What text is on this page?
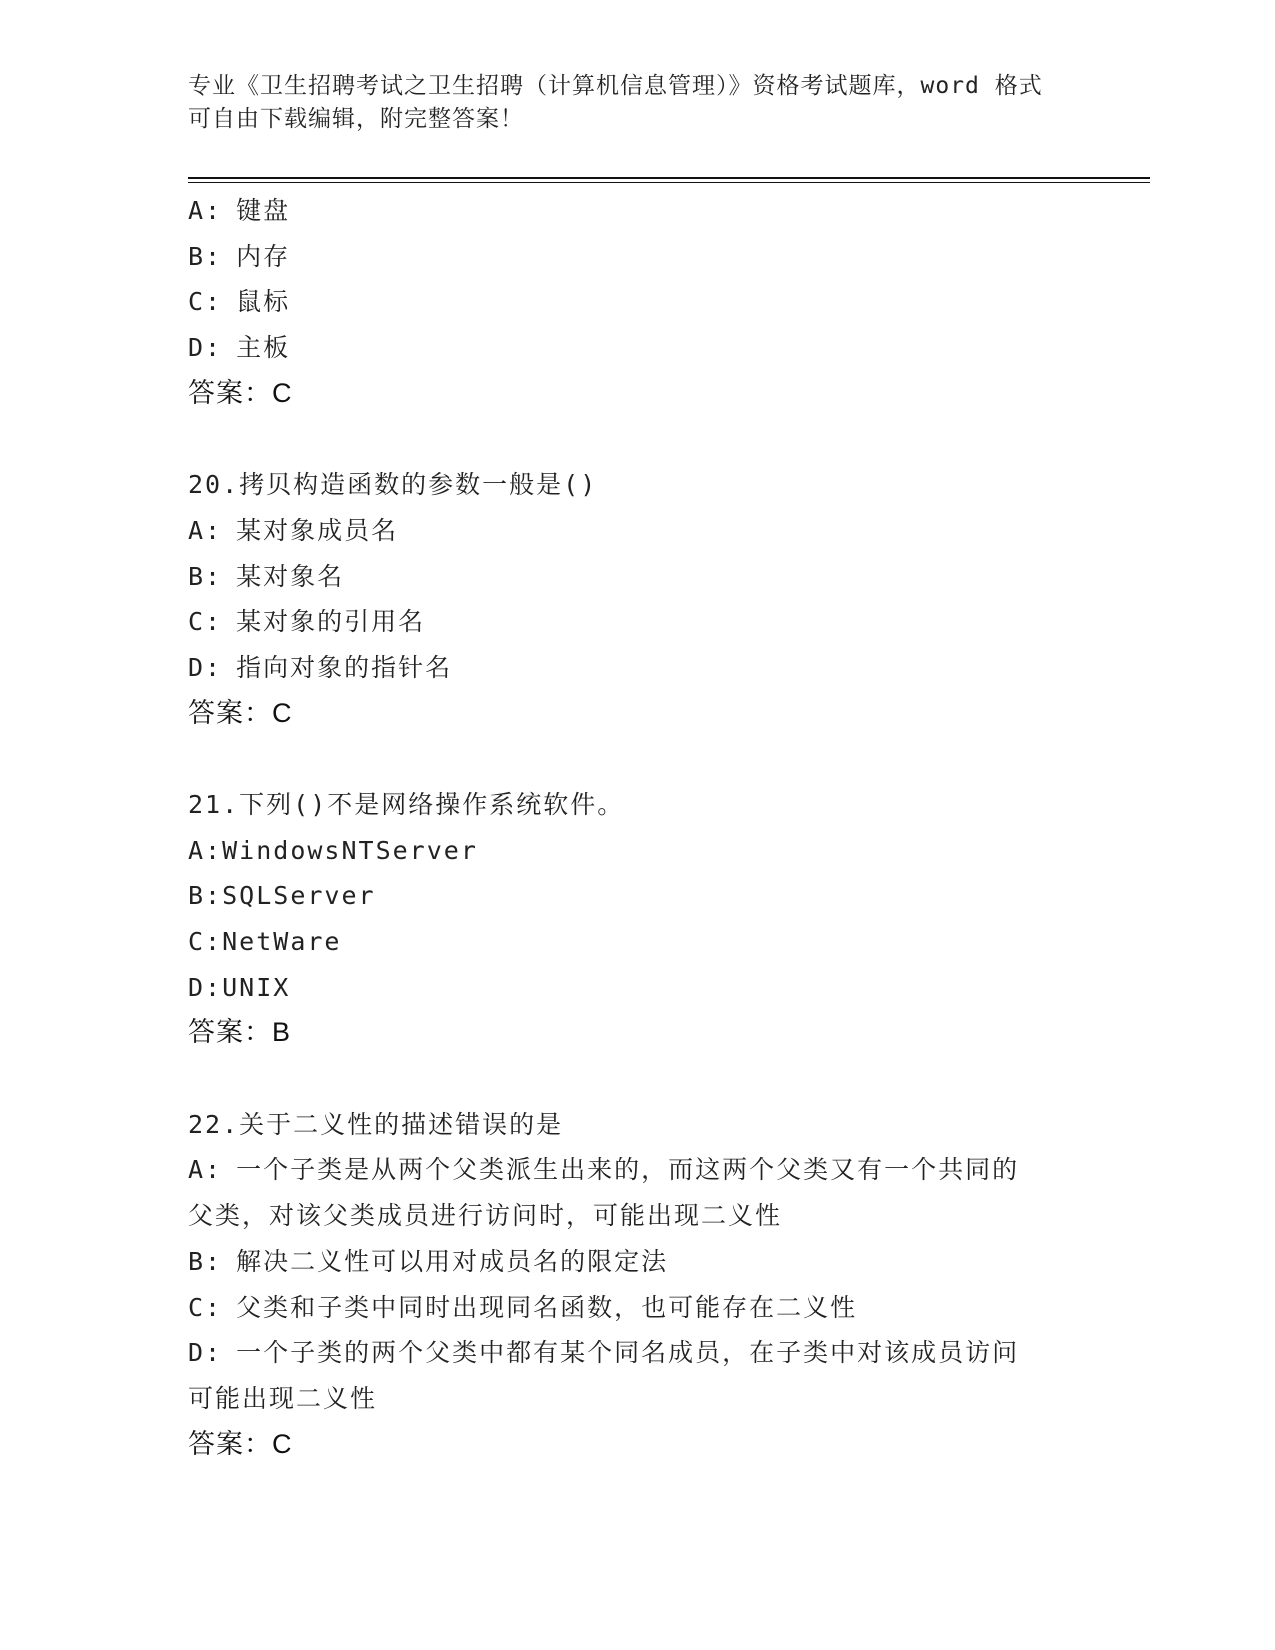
专业《卫生招聘考试之卫生招聘（计算机信息管理）》资格考试题库，word 格式
可自由下载编辑，附完整答案！
A: 键盘
B: 内存
C: 鼠标
D: 主板
答案：C
20.拷贝构造函数的参数一般是()
A: 某对象成员名
B: 某对象名
C: 某对象的引用名
D: 指向对象的指针名
答案：C
21.下列()不是网络操作系统软件。
A:WindowsNTServer
B:SQLServer
C:NetWare
D:UNIX
答案：B
22.关于二义性的描述错误的是
A: 一个子类是从两个父类派生出来的，而这两个父类又有一个共同的
父类，对该父类成员进行访问时，可能出现二义性
B: 解决二义性可以用对成员名的限定法
C: 父类和子类中同时出现同名函数，也可能存在二义性
D: 一个子类的两个父类中都有某个同名成员，在子类中对该成员访问
可能出现二义性
答案：C
